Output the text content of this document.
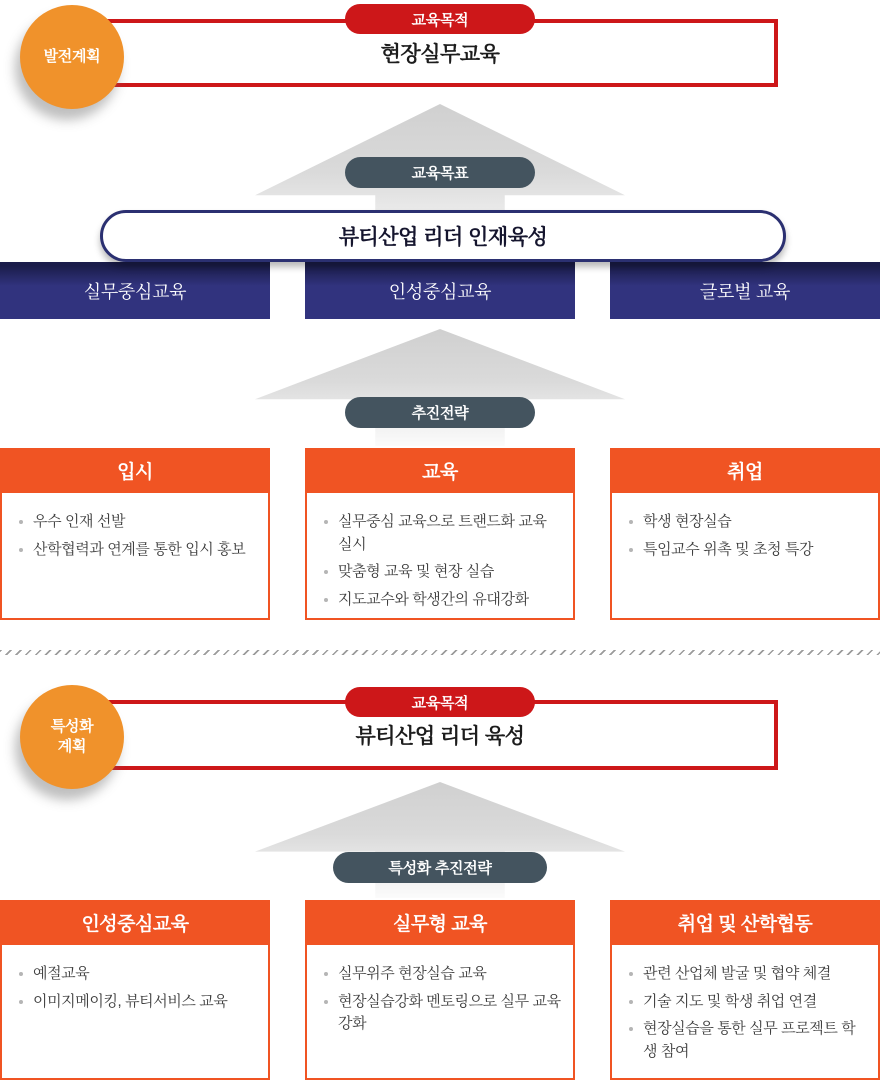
현장실무교육
교육목적
발전계획
교육목표
뷰티산업 리더 인재육성
실무중심교육	인성중심교육	글로벌 교육
추진전략
입시
우수 인재 선발
산학협력과 연계를 통한 입시 홍보
교육
실무중심 교육으로 트랜드화 교육 실시
맞춤형 교육 및 현장 실습
지도교수와 학생간의 유대강화
취업
학생 현장실습
특임교수 위촉 및 초청 특강
뷰티산업 리더 육성
교육목적
특성화
계획
특성화 추진전략
인성중심교육
예절교육
이미지메이킹, 뷰티서비스 교육
실무형 교육
실무위주 현장실습 교육
현장실습강화 멘토링으로 실무 교육 강화
취업 및 산학협동
관련 산업체 발굴 및 협약 체결
기술 지도 및 학생 취업 연결
현장실습을 통한 실무 프로젝트 학생 참여
